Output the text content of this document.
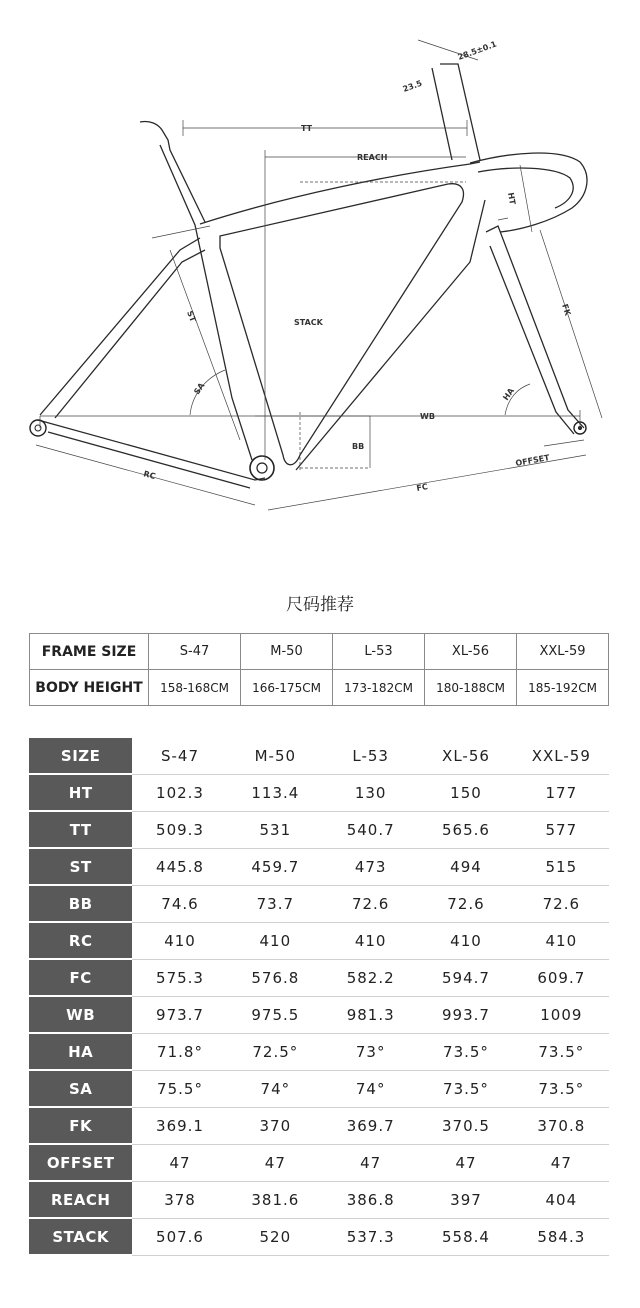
TT
REACH
STACK
ST
SA
BB
WB
RC
FC
HT
FK
HA
OFFSET
28.5±0.1
23.5
尺码推荐
FRAME SIZE	S-47	M-50	L-53	XL-56	XXL-59
BODY HEIGHT	158-168CM	166-175CM	173-182CM	180-188CM	185-192CM
SIZE	S-47	M-50	L-53	XL-56	XXL-59
HT	102.3	113.4	130	150	177
TT	509.3	531	540.7	565.6	577
ST	445.8	459.7	473	494	515
BB	74.6	73.7	72.6	72.6	72.6
RC	410	410	410	410	410
FC	575.3	576.8	582.2	594.7	609.7
WB	973.7	975.5	981.3	993.7	1009
HA	71.8°	72.5°	73°	73.5°	73.5°
SA	75.5°	74°	74°	73.5°	73.5°
FK	369.1	370	369.7	370.5	370.8
OFFSET	47	47	47	47	47
REACH	378	381.6	386.8	397	404
STACK	507.6	520	537.3	558.4	584.3
